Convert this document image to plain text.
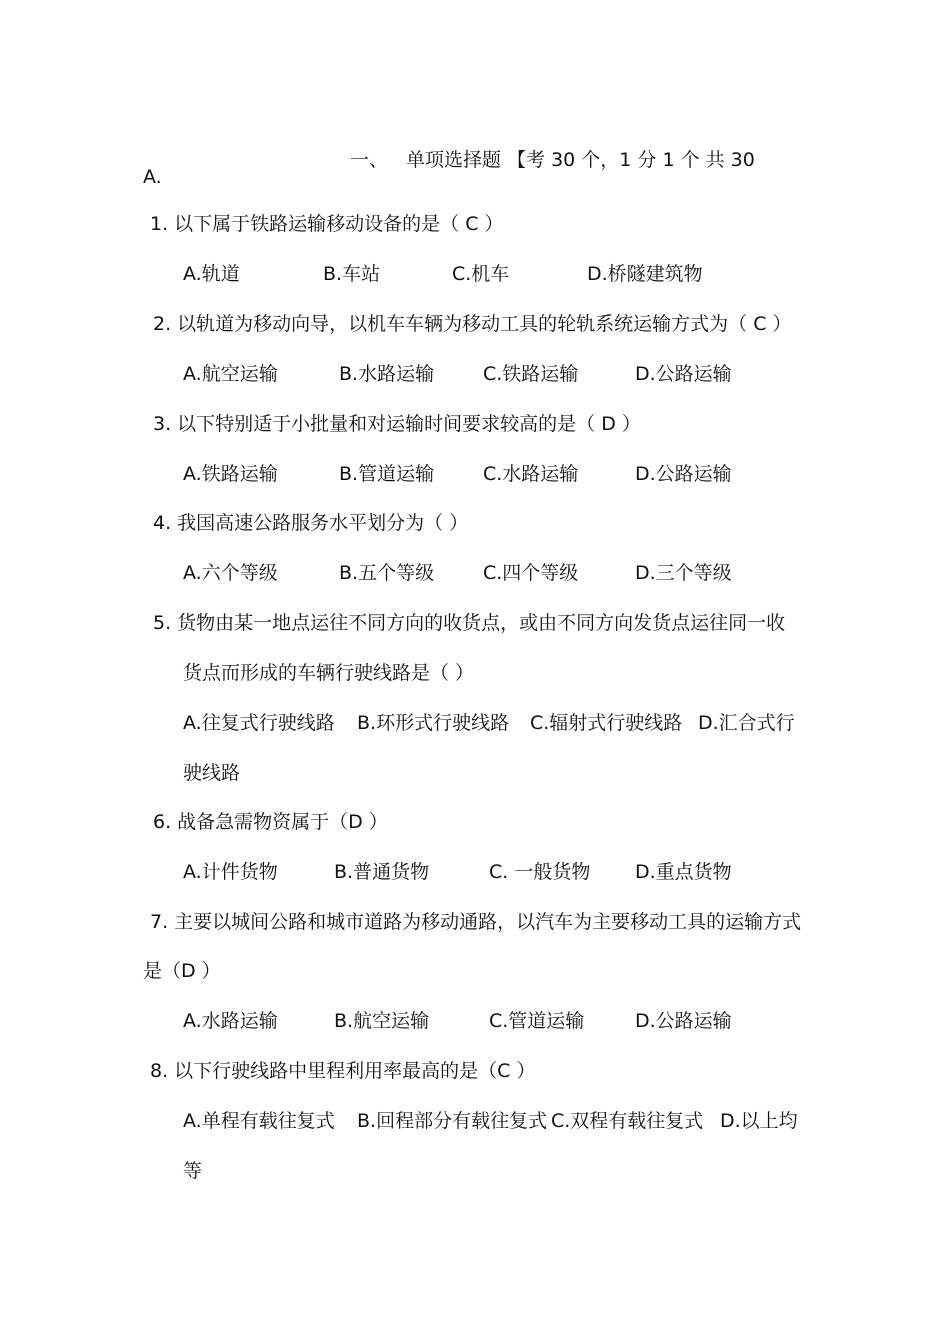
一、 单项选择题 【考 30 个，1 分 1 个 共 30
A.
1. 以下属于铁路运输移动设备的是（ C ）
A.轨道	B.车站	C.机车	D.桥隧建筑物
2. 以轨道为移动向导，以机车车辆为移动工具的轮轨系统运输方式为（ C ）
A.航空运输	B.水路运输	C.铁路运输	D.公路运输
3. 以下特别适于小批量和对运输时间要求较高的是（ D ）
A.铁路运输	B.管道运输	C.水路运输	D.公路运输
4. 我国高速公路服务水平划分为（ ）
A.六个等级	B.五个等级	C.四个等级	D.三个等级
5. 货物由某一地点运往不同方向的收货点，或由不同方向发货点运往同一收
货点而形成的车辆行驶线路是（ ）
A.往复式行驶线路 B.环形式行驶线路 C.辐射式行驶线路 D.汇合式行
驶线路
6. 战备急需物资属于（D ）
A.计件货物	B.普通货物	C. 一般货物 D.重点货物
7. 主要以城间公路和城市道路为移动通路，以汽车为主要移动工具的运输方式
是（D ）
A.水路运输	B.航空运输	C.管道运输	D.公路运输
8. 以下行驶线路中里程利用率最高的是（C ）
A.单程有载往复式 B.回程部分有载往复式 C.双程有载往复式 D.以上均
等
